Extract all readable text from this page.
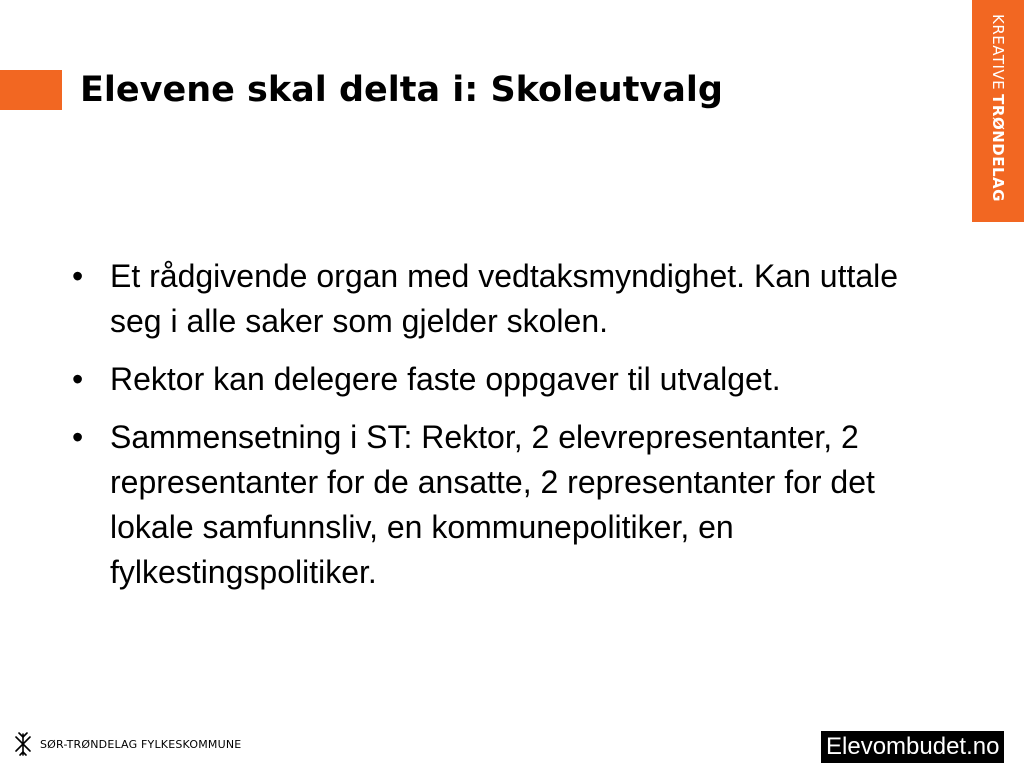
Elevene skal delta i: Skoleutvalg	KREATIVETRØNDELAG
• Et rådgivende organ med vedtaksmyndighet. Kan uttale seg i alle saker som gjelder skolen.
• Rektor kan delegere faste oppgaver til utvalget.
• Sammensetning i ST: Rektor, 2 elevrepresentanter, 2 representanter for de ansatte, 2 representanter for det lokale samfunnsliv, en kommunepolitiker, en fylkestingspolitiker.
SØR-TRØNDELAG FYLKESKOMMUNE	Elevombudet.no
